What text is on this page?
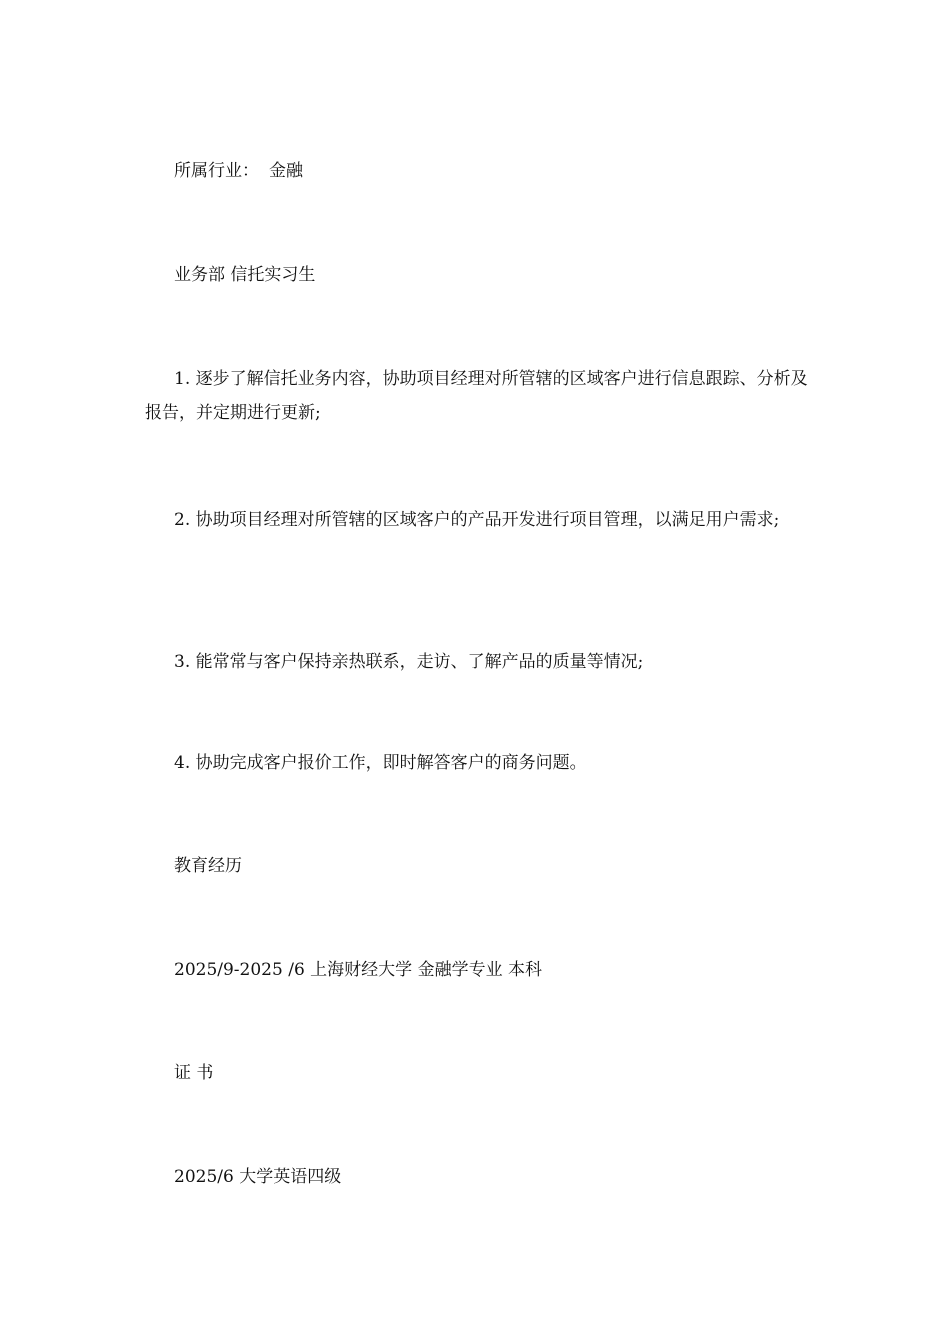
所属行业： 金融

业务部 信托实习生

1. 逐步了解信托业务内容，协助项目经理对所管辖的区域客户进行信息跟踪、分析及报告，并定期进行更新;

2. 协助项目经理对所管辖的区域客户的产品开发进行项目管理，以满足用户需求;

3. 能常常与客户保持亲热联系，走访、了解产品的质量等情况;

4. 协助完成客户报价工作，即时解答客户的商务问题。

教育经历

2025/9-2025 /6 上海财经大学 金融学专业 本科

证 书

2025/6 大学英语四级
